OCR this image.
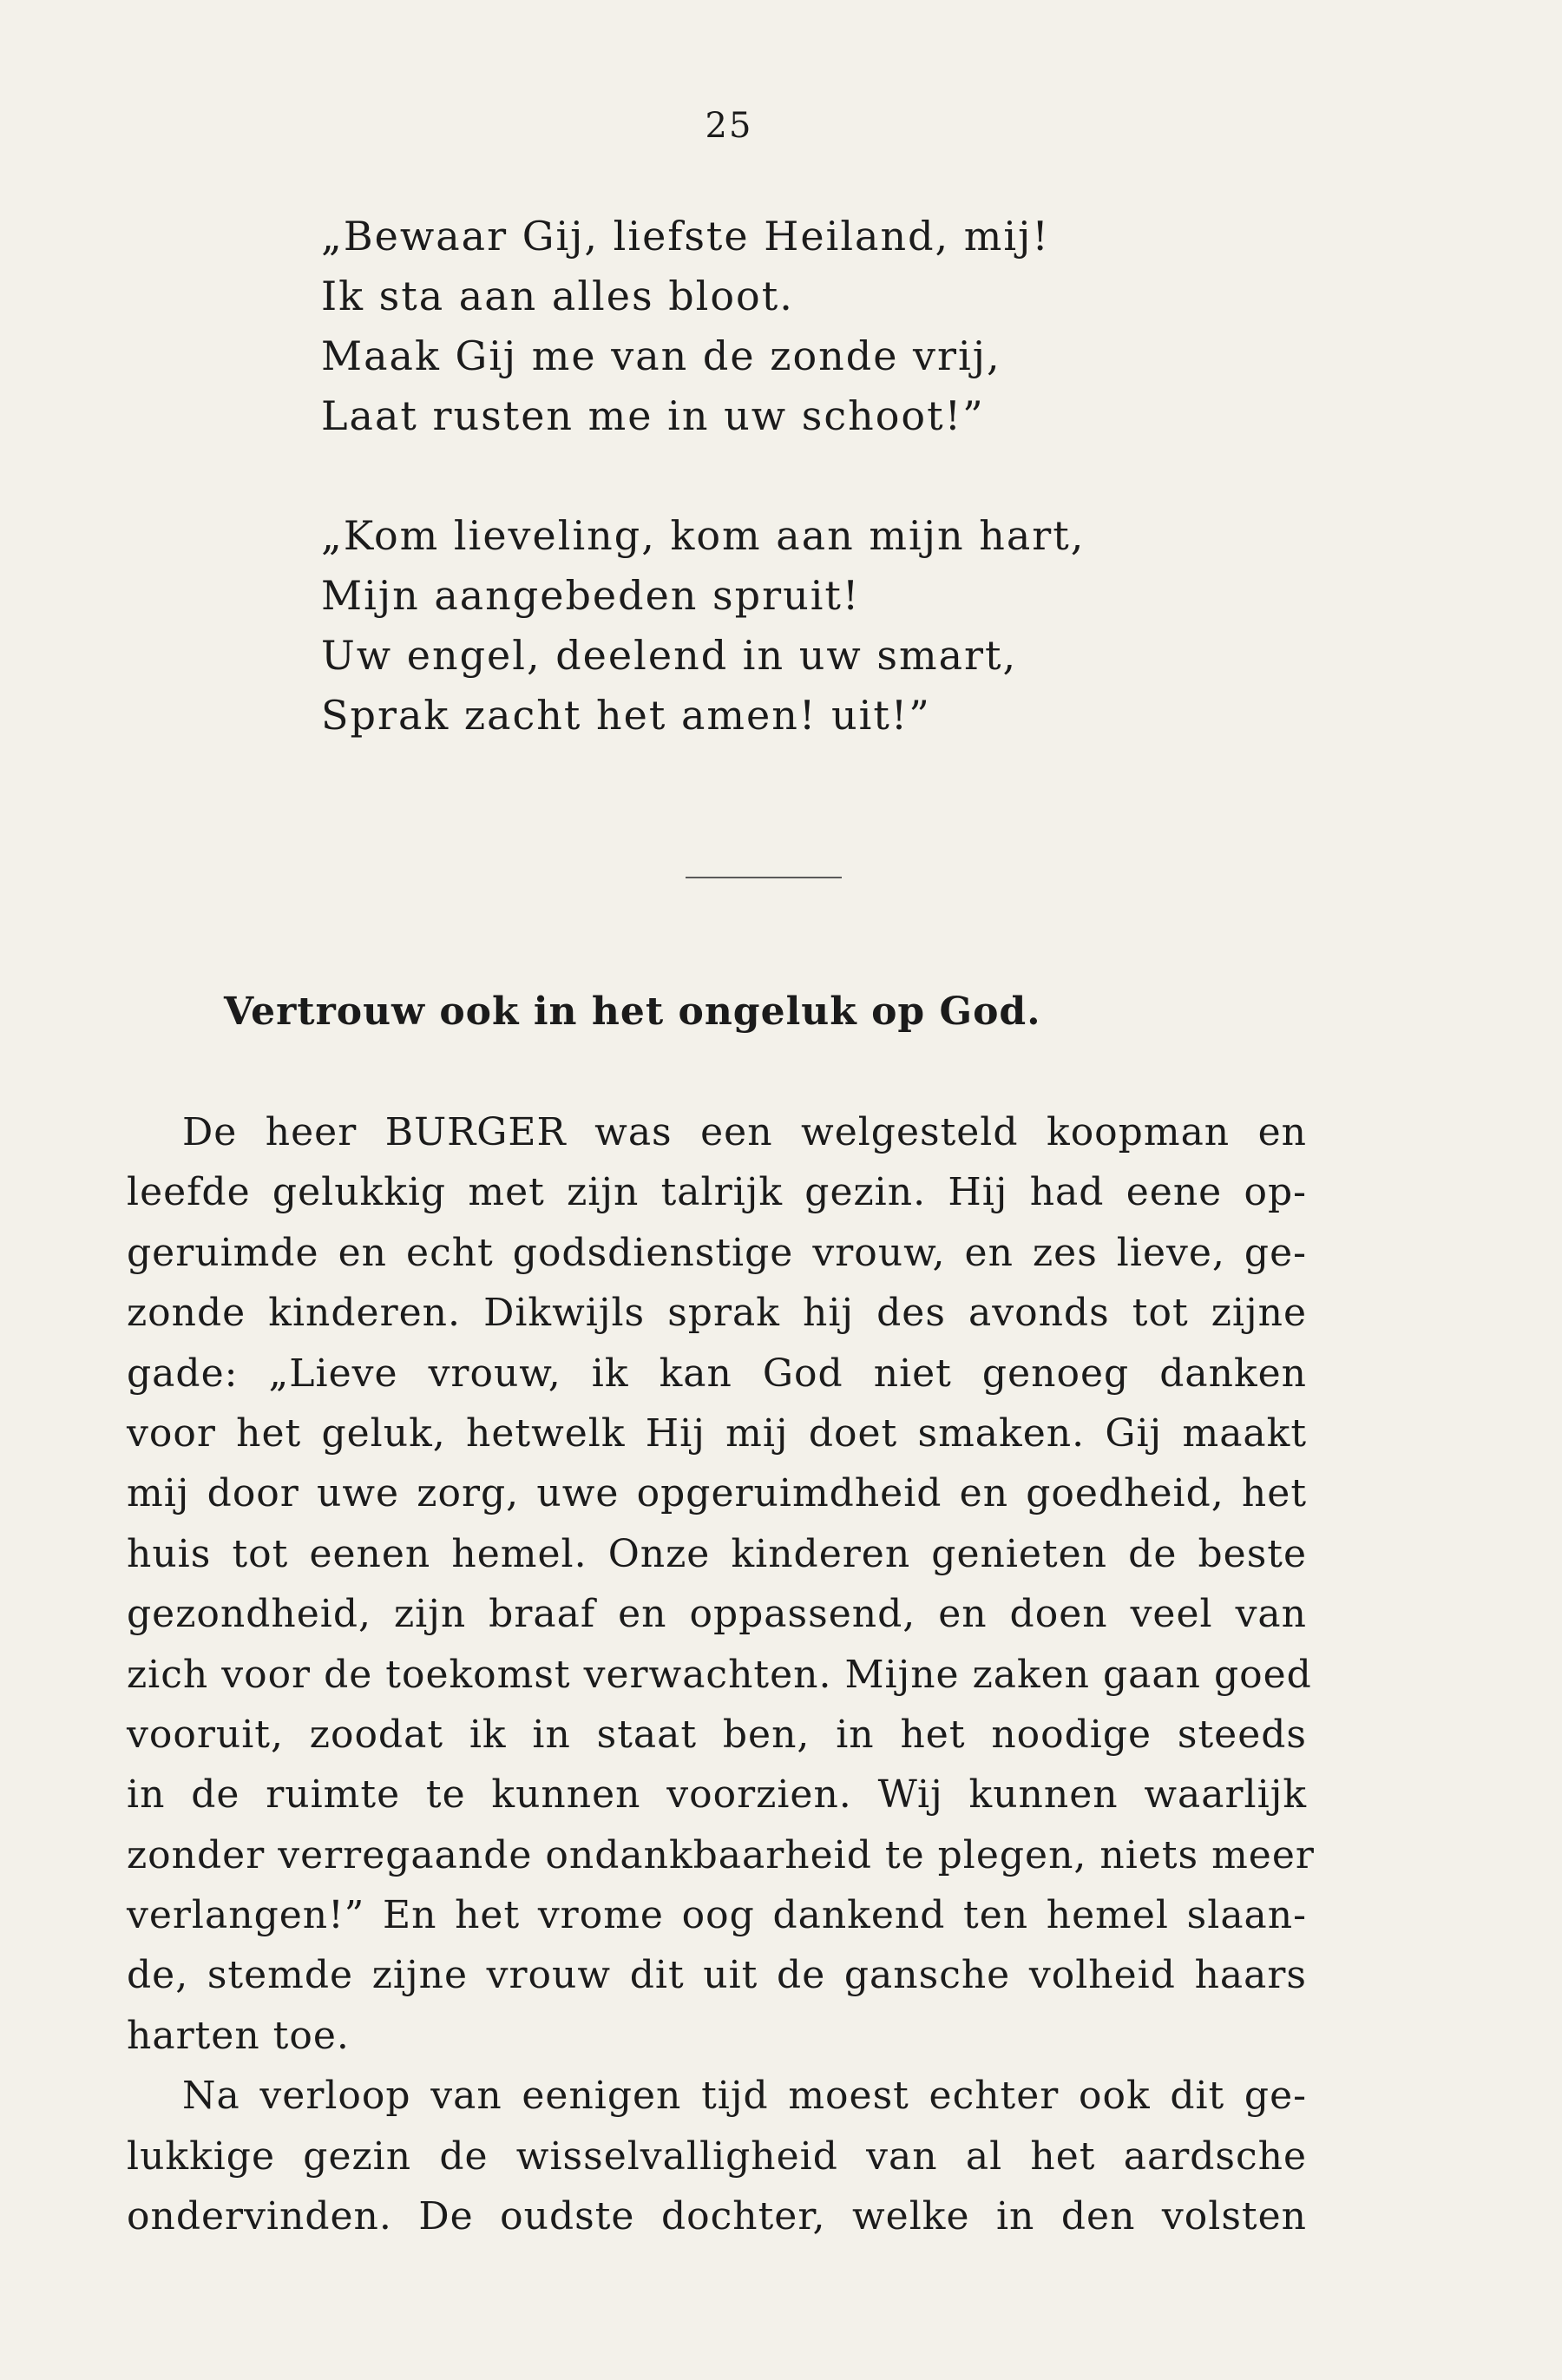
25
„Bewaar Gij, liefste Heiland, mij!
Ik sta aan alles bloot.
Maak Gij me van de zonde vrij,
Laat rusten me in uw schoot!”
„Kom lieveling, kom aan mijn hart,
Mijn aangebeden spruit!
Uw engel, deelend in uw smart,
Sprak zacht het amen! uit!”
Vertrouw ook in het ongeluk op God.
De heer BURGER was een welgesteld koopman en
leefde gelukkig met zijn talrijk gezin. Hij had eene op-
geruimde en echt godsdienstige vrouw, en zes lieve, ge-
zonde kinderen. Dikwijls sprak hij des avonds tot zijne
gade: „Lieve vrouw, ik kan God niet genoeg danken
voor het geluk, hetwelk Hij mij doet smaken. Gij maakt
mij door uwe zorg, uwe opgeruimdheid en goedheid, het
huis tot eenen hemel. Onze kinderen genieten de beste
gezondheid, zijn braaf en oppassend, en doen veel van
zich voor de toekomst verwachten. Mijne zaken gaan goed
vooruit, zoodat ik in staat ben, in het noodige steeds
in de ruimte te kunnen voorzien. Wij kunnen waarlijk
zonder verregaande ondankbaarheid te plegen, niets meer
verlangen!” En het vrome oog dankend ten hemel slaan-
de, stemde zijne vrouw dit uit de gansche volheid haars
harten toe.
Na verloop van eenigen tijd moest echter ook dit ge-
lukkige gezin de wisselvalligheid van al het aardsche
ondervinden. De oudste dochter, welke in den volsten
